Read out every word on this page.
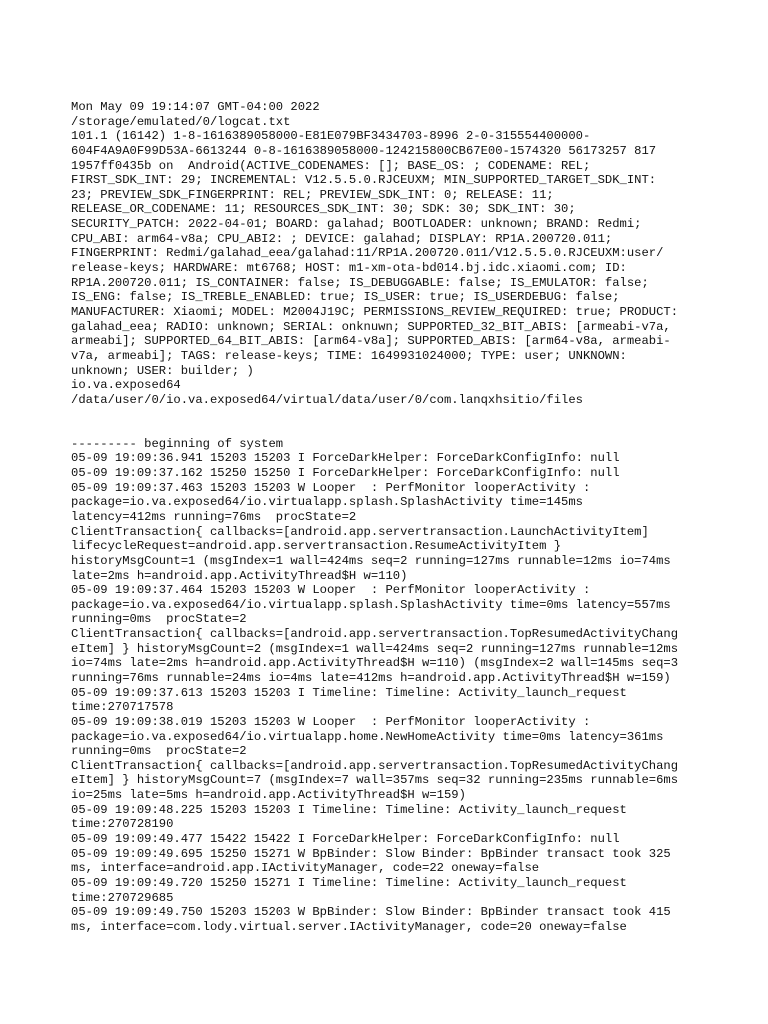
Mon May 09 19:14:07 GMT-04:00 2022
/storage/emulated/0/logcat.txt
101.1 (16142) 1-8-1616389058000-E81E079BF3434703-8996 2-0-315554400000-
604F4A9A0F99D53A-6613244 0-8-1616389058000-124215800CB67E00-1574320 56173257 817
1957ff0435b on  Android(ACTIVE_CODENAMES: []; BASE_OS: ; CODENAME: REL;
FIRST_SDK_INT: 29; INCREMENTAL: V12.5.5.0.RJCEUXM; MIN_SUPPORTED_TARGET_SDK_INT:
23; PREVIEW_SDK_FINGERPRINT: REL; PREVIEW_SDK_INT: 0; RELEASE: 11;
RELEASE_OR_CODENAME: 11; RESOURCES_SDK_INT: 30; SDK: 30; SDK_INT: 30;
SECURITY_PATCH: 2022-04-01; BOARD: galahad; BOOTLOADER: unknown; BRAND: Redmi;
CPU_ABI: arm64-v8a; CPU_ABI2: ; DEVICE: galahad; DISPLAY: RP1A.200720.011;
FINGERPRINT: Redmi/galahad_eea/galahad:11/RP1A.200720.011/V12.5.5.0.RJCEUXM:user/
release-keys; HARDWARE: mt6768; HOST: m1-xm-ota-bd014.bj.idc.xiaomi.com; ID:
RP1A.200720.011; IS_CONTAINER: false; IS_DEBUGGABLE: false; IS_EMULATOR: false;
IS_ENG: false; IS_TREBLE_ENABLED: true; IS_USER: true; IS_USERDEBUG: false;
MANUFACTURER: Xiaomi; MODEL: M2004J19C; PERMISSIONS_REVIEW_REQUIRED: true; PRODUCT:
galahad_eea; RADIO: unknown; SERIAL: onknuwn; SUPPORTED_32_BIT_ABIS: [armeabi-v7a,
armeabi]; SUPPORTED_64_BIT_ABIS: [arm64-v8a]; SUPPORTED_ABIS: [arm64-v8a, armeabi-
v7a, armeabi]; TAGS: release-keys; TIME: 1649931024000; TYPE: user; UNKNOWN:
unknown; USER: builder; )
io.va.exposed64
/data/user/0/io.va.exposed64/virtual/data/user/0/com.lanqxhsitio/files
--------- beginning of system
05-09 19:09:36.941 15203 15203 I ForceDarkHelper: ForceDarkConfigInfo: null
05-09 19:09:37.162 15250 15250 I ForceDarkHelper: ForceDarkConfigInfo: null
05-09 19:09:37.463 15203 15203 W Looper  : PerfMonitor looperActivity :
package=io.va.exposed64/io.virtualapp.splash.SplashActivity time=145ms
latency=412ms running=76ms  procState=2
ClientTransaction{ callbacks=[android.app.servertransaction.LaunchActivityItem]
lifecycleRequest=android.app.servertransaction.ResumeActivityItem }
historyMsgCount=1 (msgIndex=1 wall=424ms seq=2 running=127ms runnable=12ms io=74ms
late=2ms h=android.app.ActivityThread$H w=110)
05-09 19:09:37.464 15203 15203 W Looper  : PerfMonitor looperActivity :
package=io.va.exposed64/io.virtualapp.splash.SplashActivity time=0ms latency=557ms
running=0ms  procState=2
ClientTransaction{ callbacks=[android.app.servertransaction.TopResumedActivityChang
eItem] } historyMsgCount=2 (msgIndex=1 wall=424ms seq=2 running=127ms runnable=12ms
io=74ms late=2ms h=android.app.ActivityThread$H w=110) (msgIndex=2 wall=145ms seq=3
running=76ms runnable=24ms io=4ms late=412ms h=android.app.ActivityThread$H w=159)
05-09 19:09:37.613 15203 15203 I Timeline: Timeline: Activity_launch_request
time:270717578
05-09 19:09:38.019 15203 15203 W Looper  : PerfMonitor looperActivity :
package=io.va.exposed64/io.virtualapp.home.NewHomeActivity time=0ms latency=361ms
running=0ms  procState=2
ClientTransaction{ callbacks=[android.app.servertransaction.TopResumedActivityChang
eItem] } historyMsgCount=7 (msgIndex=7 wall=357ms seq=32 running=235ms runnable=6ms
io=25ms late=5ms h=android.app.ActivityThread$H w=159)
05-09 19:09:48.225 15203 15203 I Timeline: Timeline: Activity_launch_request
time:270728190
05-09 19:09:49.477 15422 15422 I ForceDarkHelper: ForceDarkConfigInfo: null
05-09 19:09:49.695 15250 15271 W BpBinder: Slow Binder: BpBinder transact took 325
ms, interface=android.app.IActivityManager, code=22 oneway=false
05-09 19:09:49.720 15250 15271 I Timeline: Timeline: Activity_launch_request
time:270729685
05-09 19:09:49.750 15203 15203 W BpBinder: Slow Binder: BpBinder transact took 415
ms, interface=com.lody.virtual.server.IActivityManager, code=20 oneway=false
